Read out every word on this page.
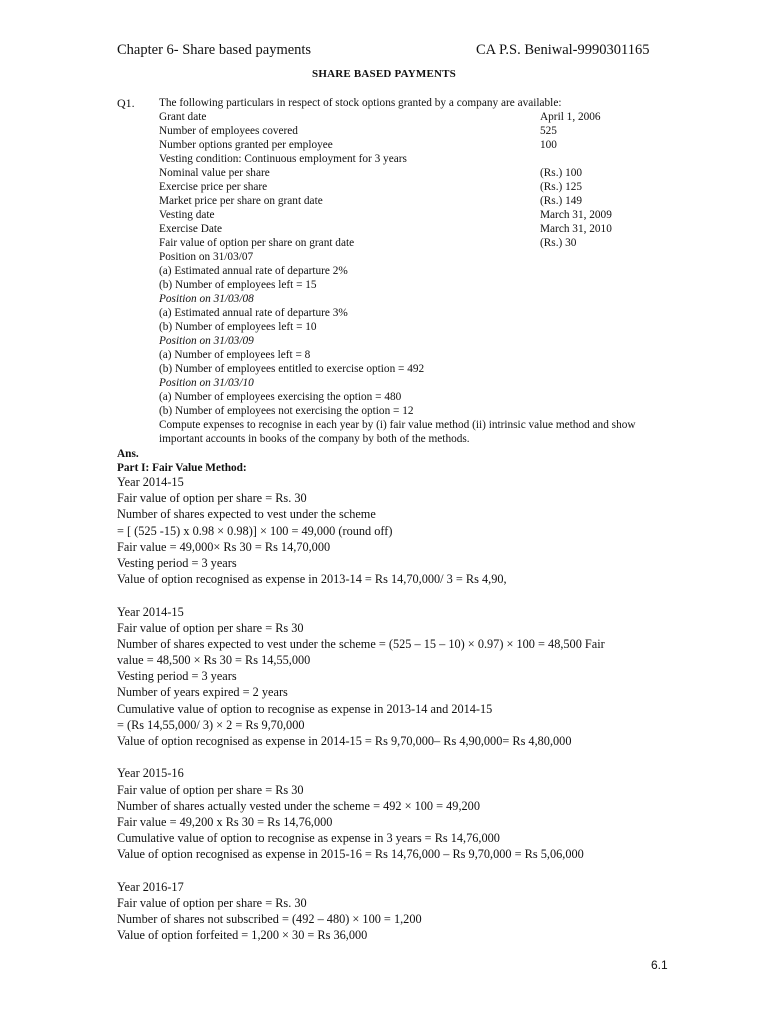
Chapter 6- Share based payments	CA P.S. Beniwal-9990301165
SHARE BASED PAYMENTS
Q1. The following particulars in respect of stock options granted by a company are available:
Grant date	April 1, 2006
Number of employees covered	525
Number options granted per employee	100
Vesting condition: Continuous employment for 3 years
Nominal value per share	(Rs.) 100
Exercise price per share	(Rs.) 125
Market price per share on grant date	(Rs.) 149
Vesting date	March 31, 2009
Exercise Date	March 31, 2010
Fair value of option per share on grant date	(Rs.) 30
Position on 31/03/07
(a) Estimated annual rate of departure 2%
(b) Number of employees left = 15
Position on 31/03/08
(a) Estimated annual rate of departure 3%
(b) Number of employees left = 10
Position on 31/03/09
(a) Number of employees left = 8
(b) Number of employees entitled to exercise option = 492
Position on 31/03/10
(a) Number of employees exercising the option = 480
(b) Number of employees not exercising the option = 12
Compute expenses to recognise in each year by (i) fair value method (ii) intrinsic value method and show important accounts in books of the company by both of the methods.
Ans.
Part I: Fair Value Method:
Year 2014-15
Fair value of option per share = Rs. 30
Number of shares expected to vest under the scheme
= [ (525 -15) x 0.98 × 0.98)] × 100 = 49,000 (round off)
Fair value = 49,000× Rs 30 = Rs 14,70,000
Vesting period = 3 years
Value of option recognised as expense in 2013-14 = Rs 14,70,000/ 3 = Rs 4,90,
Year 2014-15
Fair value of option per share = Rs 30
Number of shares expected to vest under the scheme = (525 – 15 – 10) × 0.97) × 100 = 48,500 Fair
value = 48,500 × Rs 30 = Rs 14,55,000
Vesting period = 3 years
Number of years expired = 2 years
Cumulative value of option to recognise as expense in 2013-14 and 2014-15
= (Rs 14,55,000/ 3) × 2 = Rs 9,70,000
Value of option recognised as expense in 2014-15 = Rs 9,70,000– Rs 4,90,000= Rs 4,80,000
Year 2015-16
Fair value of option per share = Rs 30
Number of shares actually vested under the scheme = 492 × 100 = 49,200
Fair value = 49,200 x Rs 30 = Rs 14,76,000
Cumulative value of option to recognise as expense in 3 years = Rs 14,76,000
Value of option recognised as expense in 2015-16 = Rs 14,76,000 – Rs 9,70,000 = Rs 5,06,000
Year 2016-17
Fair value of option per share = Rs. 30
Number of shares not subscribed = (492 – 480) × 100 = 1,200
Value of option forfeited = 1,200 × 30 = Rs 36,000
6.1
